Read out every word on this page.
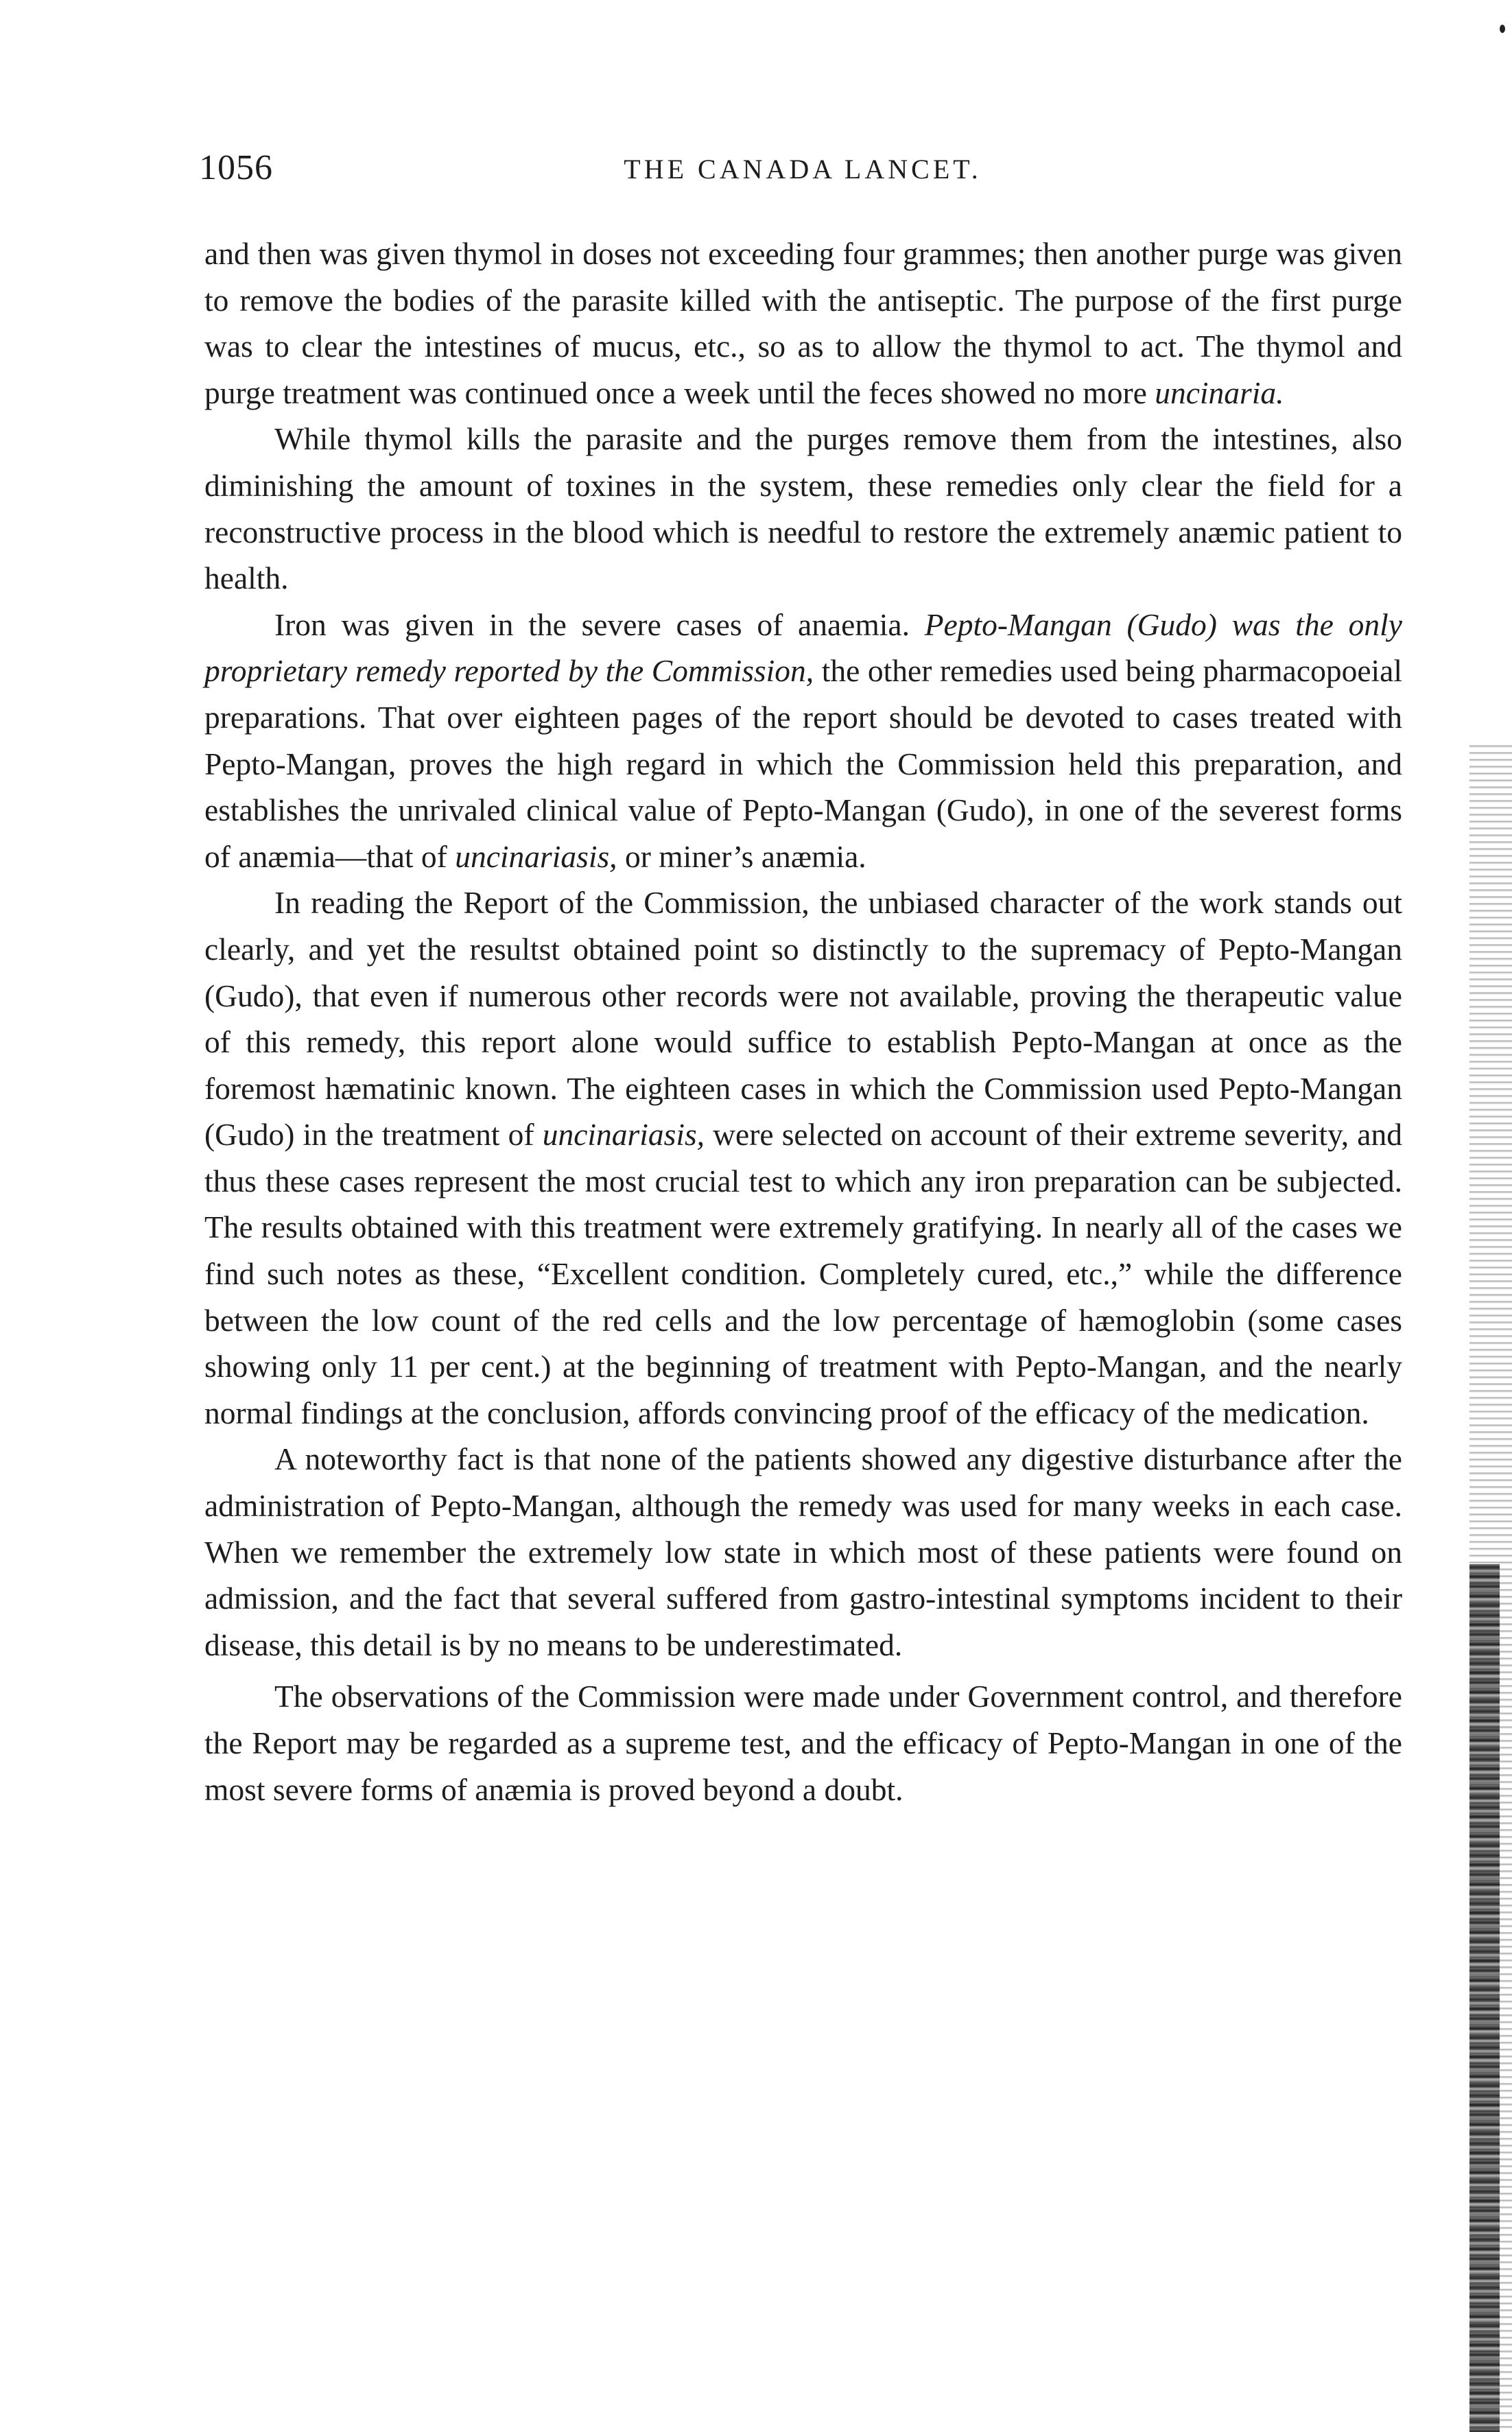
1056	THE CANADA LANCET.

and then was given thymol in doses not exceeding four grammes; then another purge was given to remove the bodies of the parasite killed with the antiseptic. The purpose of the first purge was to clear the intestines of mucus, etc., so as to allow the thymol to act. The thymol and purge treatment was continued once a week until the feces showed no more uncinaria.

While thymol kills the parasite and the purges remove them from the intestines, also diminishing the amount of toxines in the system, these remedies only clear the field for a reconstructive process in the blood which is needful to restore the extremely anæmic patient to health.

Iron was given in the severe cases of anaemia. Pepto-Mangan (Gudo) was the only proprietary remedy reported by the Commission, the other remedies used being pharmacopoeial preparations. That over eighteen pages of the report should be devoted to cases treated with Pepto-Mangan, proves the high regard in which the Commission held this preparation, and establishes the unrivaled clinical value of Pepto-Mangan (Gudo), in one of the severest forms of anæmia—that of uncinariasis, or miner’s anæmia.

In reading the Report of the Commission, the unbiased character of the work stands out clearly, and yet the resultst obtained point so distinctly to the supremacy of Pepto-Mangan (Gudo), that even if numerous other records were not available, proving the therapeutic value of this remedy, this report alone would suffice to establish Pepto-Mangan at once as the foremost hæmatinic known. The eighteen cases in which the Commission used Pepto-Mangan (Gudo) in the treatment of uncinariasis, were selected on account of their extreme severity, and thus these cases represent the most crucial test to which any iron preparation can be subjected. The results obtained with this treatment were extremely gratifying. In nearly all of the cases we find such notes as these, “Excellent condition. Completely cured, etc.,” while the difference between the low count of the red cells and the low percentage of hæmoglobin (some cases showing only 11 per cent.) at the beginning of treatment with Pepto-Mangan, and the nearly normal findings at the conclusion, affords convincing proof of the efficacy of the medication.

A noteworthy fact is that none of the patients showed any digestive disturbance after the administration of Pepto-Mangan, although the remedy was used for many weeks in each case. When we remember the extremely low state in which most of these patients were found on admission, and the fact that several suffered from gastro-intestinal symptoms incident to their disease, this detail is by no means to be underestimated.

The observations of the Commission were made under Government control, and therefore the Report may be regarded as a supreme test, and the efficacy of Pepto-Mangan in one of the most severe forms of anæmia is proved beyond a doubt.
